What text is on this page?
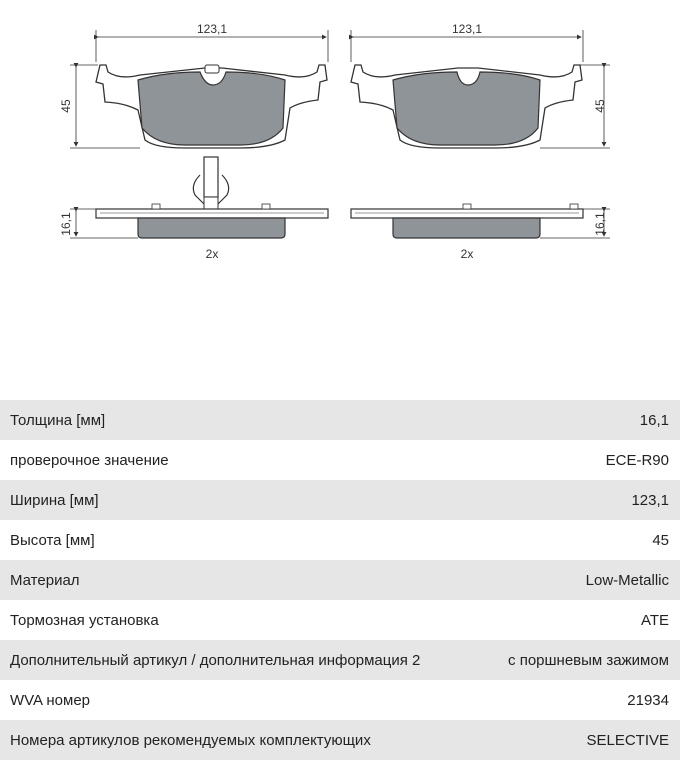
123,1	123,1
45	45
16,1
2x
16,1
2x
Толщина [мм]	16,1
проверочное значение	ECE-R90
Ширина [мм]	123,1
Высота [мм]	45
Материал	Low-Metallic
Тормозная установка	ATE
Дополнительный артикул / дополнительная информация 2	с поршневым зажимом
WVA номер	21934
Номера артикулов рекомендуемых комплектующих	SELECTIVE
